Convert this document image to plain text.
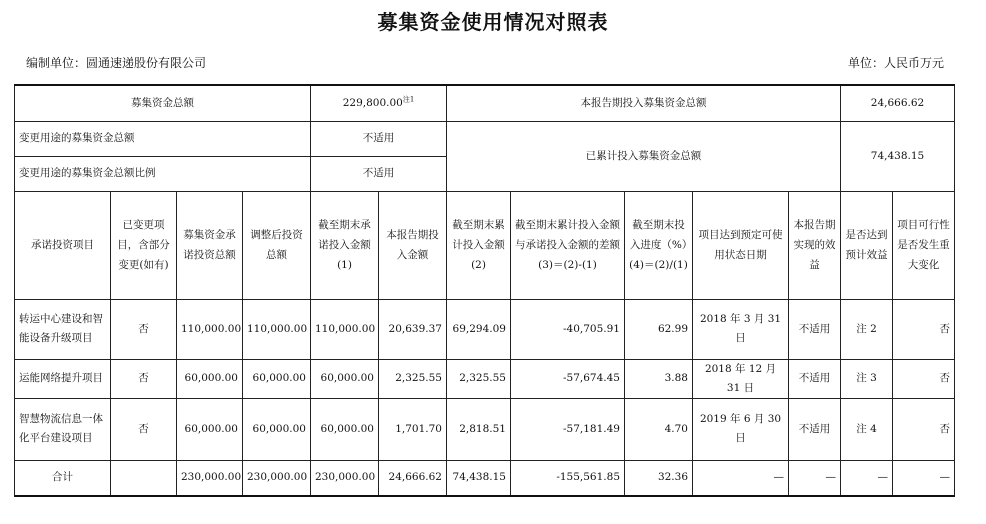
募集资金使用情况对照表
编制单位：圆通速递股份有限公司	单位：人民币万元
募集资金总额				229,800.00$^{注1}$		本报告期投入募集资金总额					24,666.62	
变更用途的募集资金总额				不适用		已累计投入募集资金总额					74,438.15	
变更用途的募集资金总额比例				不适用								
承诺投资项目	已变更项目，含部分变更(如有)	募集资金承诺投资总额	调整后投资总额	截至期末承诺投入金额(1)	本报告期投入金额	截至期末累计投入金额(2)	截至期末累计投入金额与承诺投入金额的差额(3)＝(2)-(1)	截至期末投入进度（%）(4)＝(2)/(1)	项目达到预定可使用状态日期	本报告期实现的效益	是否达到预计效益	项目可行性是否发生重大变化
转运中心建设和智能设备升级项目	否	110,000.00	110,000.00	110,000.00	20,639.37	69,294.09	-40,705.91	62.99	2018 年 3 月 31 日	不适用	注 2	否
运能网络提升项目	否	60,000.00	60,000.00	60,000.00	2,325.55	2,325.55	-57,674.45	3.88	2018 年 12 月 31 日	不适用	注 3	否
智慧物流信息一体化平台建设项目	否	60,000.00	60,000.00	60,000.00	1,701.70	2,818.51	-57,181.49	4.70	2019 年 6 月 30 日	不适用	注 4	否
合计		230,000.00	230,000.00	230,000.00	24,666.62	74,438.15	-155,561.85	32.36	—	—	—	—
